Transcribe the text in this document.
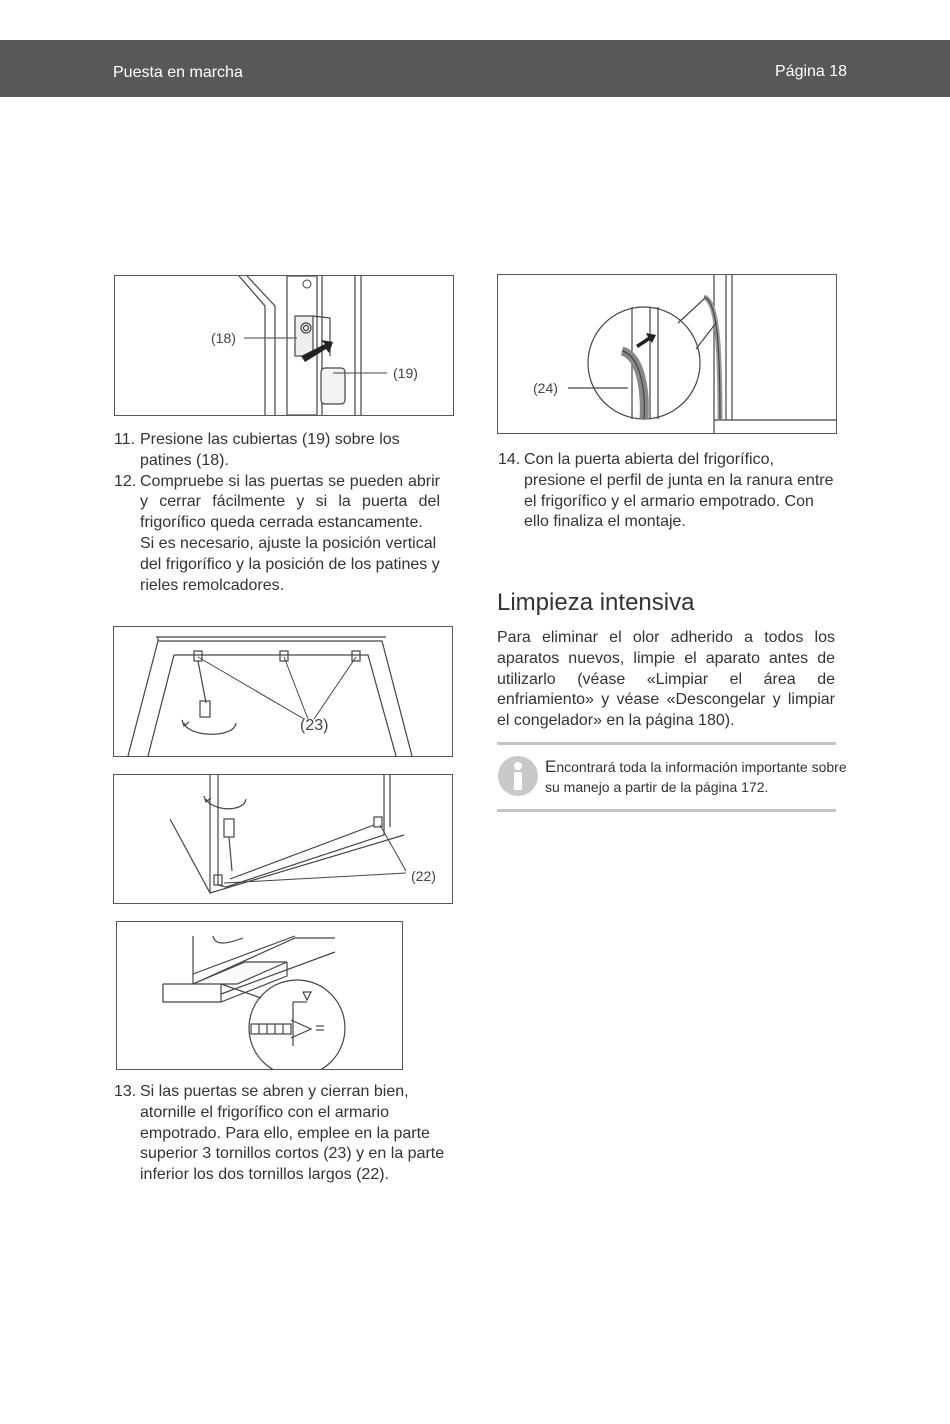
Puesta en marcha	Página 18
(18)
(19)
11. Presione las cubiertas (19) sobre los patines (18).
12. Compruebe si las puertas se pueden abrir y cerrar fácilmente y si la puerta del frigorífico queda cerrada estancamente.
Si es necesario, ajuste la posición vertical del frigorífico y la posición de los patines y rieles remolcadores.
(23)
(22)
13. Si las puertas se abren y cierran bien, atornille el frigorífico con el armario empotrado. Para ello, emplee en la parte superior 3 tornillos cortos (23) y en la parte inferior los dos tornillos largos (22).
(24)
14. Con la puerta abierta del frigorífico, presione el perfil de junta en la ranura entre el frigorífico y el armario empotrado. Con ello finaliza el montaje.
Limpieza intensiva
Para eliminar el olor adherido a todos los aparatos nuevos, limpie el aparato antes de utilizarlo (véase «Limpiar el área de enfriamiento» y véase «Descongelar y limpiar el congelador» en la página 180).
Encontrará toda la información importante sobre su manejo a partir de la página 172.
